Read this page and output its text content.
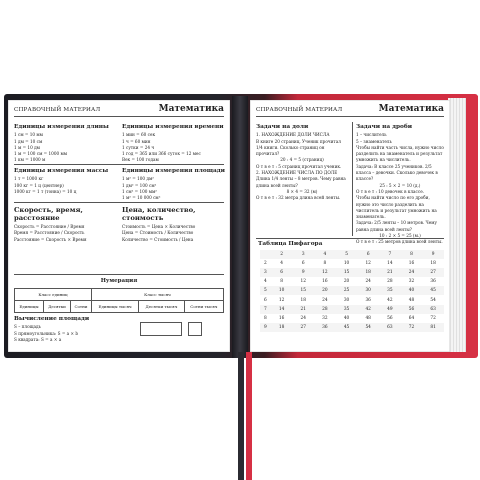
СПРАВОЧНЫЙ МАТЕРИАЛ	Математика
Единицы измерения длины
1 см = 10 мм
1 дм = 10 см
1 м = 10 дм
1 м = 100 см = 1000 мм
1 км = 1000 м
Единицы измерения времени
1 мин = 60 сек
1 ч = 60 мин
1 сутки = 24 ч
1 год = 365 или 366 суток = 12 мес
Век = 100 годам
Единицы измерения массы
1 т = 1000 кг
100 кг = 1 ц (центнер)
1000 кг = 1 т (тонна) = 10 ц
Единицы измерения площади
1 м² = 100 дм²
1 дм² = 100 см²
1 см² = 100 мм²
1 м² = 10 000 см²
Скорость, время, расстояние
Скорость = Расстояние / Время
Время = Расстояние / Скорость
Расстояние = Скорость × Время
Цена, количество, стоимость
Стоимость = Цена × Количество
Цена = Стоимость / Количество
Количество = Стоимость / Цена
Нумерация
Класс единиц			Класс тысяч		
Единицы	Десятки	Сотни	Единицы тысяч	Десятки тысяч	Сотни тысяч
Вычисление площади
S – площадь
S прямоугольника: S = a × b
S квадрата: S = a × a
СПРАВОЧНЫЙ МАТЕРИАЛ	Математика
Задачи на доли
1. НАХОЖДЕНИЕ ДОЛИ ЧИСЛА
В книге 20 страниц. Ученик прочитал 1/4 книги. Сколько страниц он прочитал?
20 : 4 = 5 (страниц)
О т в е т : 5 страниц прочитал ученик.
2. НАХОЖДЕНИЕ ЧИСЛА ПО ДОЛЕ
Длина 1/4 ленты – 8 метров. Чему равна длина всей ленты?
8 × 4 = 32 (м)
О т в е т : 32 метра длина всей ленты.
Задачи на дроби
1 – числитель
5 – знаменатель
Чтобы найти часть числа, нужно число разделить на знаменатель и результат умножить на числитель.
Задача: В классе 25 учеников. 2/5 класса – девочки. Сколько девочек в классе?
25 : 5 × 2 = 10 (д.)
О т в е т : 10 девочек в классе.
Чтобы найти число по его дроби, нужно это число разделить на числитель и результат умножить на знаменатель.
Задача: 2/5 ленты – 10 метров. Чему равна длина всей ленты?
10 : 2 × 5 = 25 (м.)
О т в е т : 25 метров длина всей ленты.
Таблица Пифагора
	2	3	4	5	6	7	8	9
2	4	6	8	10	12	14	16	18
3	6	9	12	15	18	21	24	27
4	8	12	16	20	24	28	32	36
5	10	15	20	25	30	35	40	45
6	12	18	24	30	36	42	48	54
7	14	21	28	35	42	49	56	63
8	16	24	32	40	48	56	64	72
9	18	27	36	45	54	63	72	81
